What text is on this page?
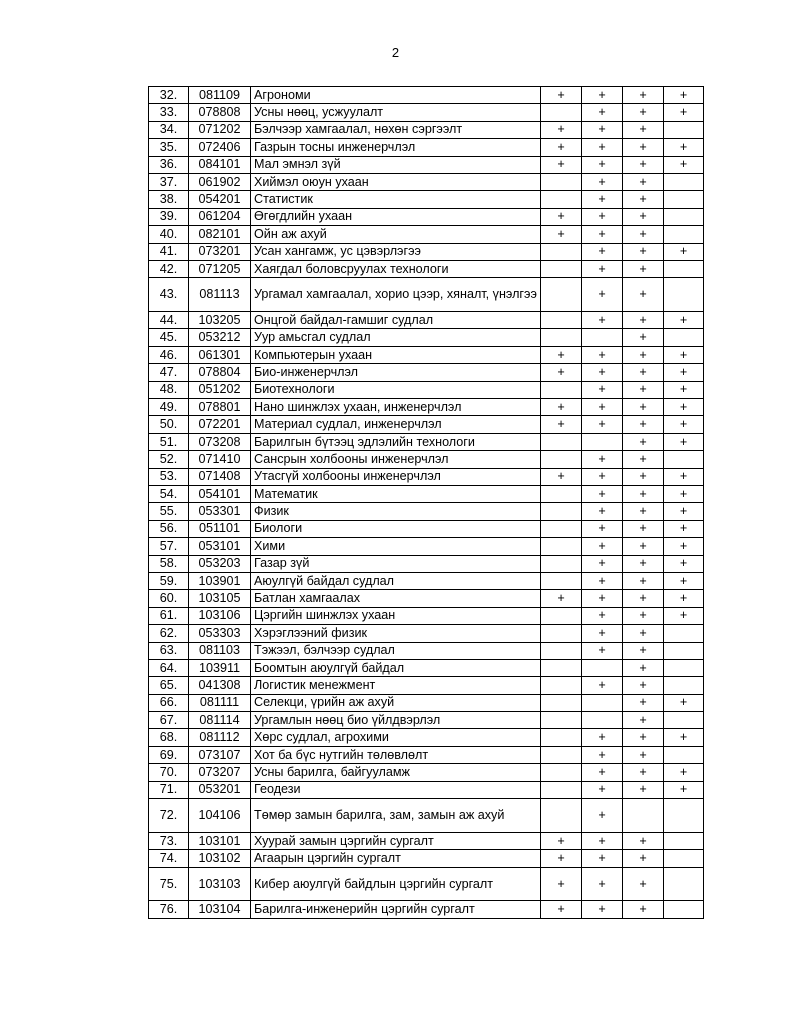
2
32.	081109	Агрономи	+	+	+	+
33.	078808	Усны нөөц, усжуулалт		+	+	+
34.	071202	Бэлчээр хамгаалал, нөхөн сэргээлт	+	+	+	
35.	072406	Газрын тосны инженерчлэл	+	+	+	+
36.	084101	Мал эмнэл зүй	+	+	+	+
37.	061902	Хиймэл оюун ухаан		+	+	
38.	054201	Статистик		+	+	
39.	061204	Өгөгдлийн ухаан	+	+	+	
40.	082101	Ойн аж ахуй	+	+	+	
41.	073201	Усан хангамж, ус цэвэрлэгээ		+	+	+
42.	071205	Хаягдал боловсруулах технологи		+	+	
43.	081113	Ургамал хамгаалал, хорио цээр, хяналт, үнэлгээ		+	+	
44.	103205	Онцгой байдал-гамшиг судлал		+	+	+
45.	053212	Уур амьсгал судлал			+	
46.	061301	Компьютерын ухаан	+	+	+	+
47.	078804	Био-инженерчлэл	+	+	+	+
48.	051202	Биотехнологи		+	+	+
49.	078801	Нано шинжлэх ухаан, инженерчлэл	+	+	+	+
50.	072201	Материал судлал, инженерчлэл	+	+	+	+
51.	073208	Барилгын бүтээц эдлэлийн технологи			+	+
52.	071410	Сансрын холбооны инженерчлэл		+	+	
53.	071408	Утасгүй холбооны инженерчлэл	+	+	+	+
54.	054101	Математик		+	+	+
55.	053301	Физик		+	+	+
56.	051101	Биологи		+	+	+
57.	053101	Хими		+	+	+
58.	053203	Газар зүй		+	+	+
59.	103901	Аюулгүй байдал судлал		+	+	+
60.	103105	Батлан хамгаалах	+	+	+	+
61.	103106	Цэргийн шинжлэх ухаан		+	+	+
62.	053303	Хэрэглээний физик		+	+	
63.	081103	Тэжээл, бэлчээр судлал		+	+	
64.	103911	Боомтын аюулгүй байдал			+	
65.	041308	Логистик менежмент		+	+	
66.	081111	Селекци, үрийн аж ахуй			+	+
67.	081114	Ургамлын нөөц био үйлдвэрлэл			+	
68.	081112	Хөрс судлал, агрохими		+	+	+
69.	073107	Хот ба бүс нутгийн төлөвлөлт		+	+	
70.	073207	Усны барилга, байгууламж		+	+	+
71.	053201	Геодези		+	+	+
72.	104106	Төмөр замын барилга, зам, замын аж ахуй		+		
73.	103101	Хуурай замын цэргийн сургалт	+	+	+	
74.	103102	Агаарын цэргийн сургалт	+	+	+	
75.	103103	Кибер аюулгүй байдлын цэргийн сургалт	+	+	+	
76.	103104	Барилга-инженерийн цэргийн сургалт	+	+	+	
